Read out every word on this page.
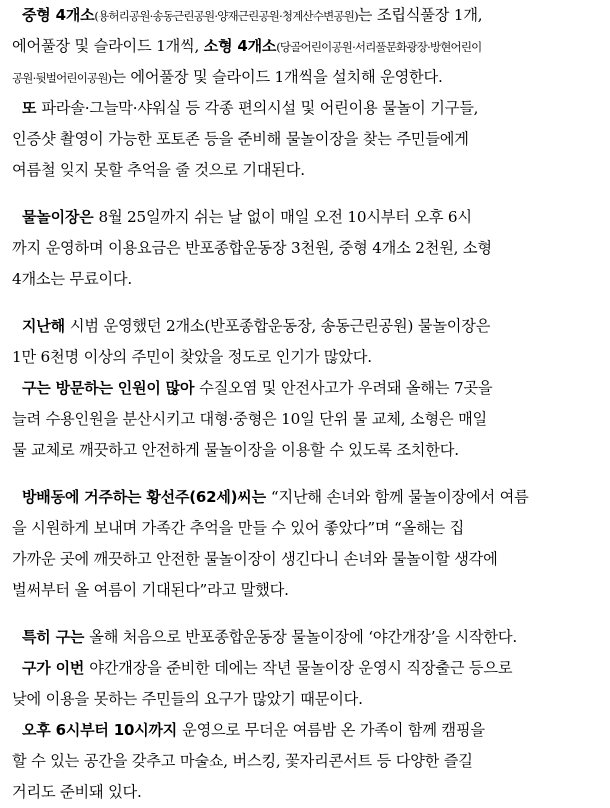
중형 4개소(용허리공원·송동근린공원·양재근린공원·청계산수변공원)는 조립식풀장 1개,
에어풀장 및 슬라이드 1개씩, 소형 4개소(당골어린이공원·서리풀문화광장·방현어린이
공원·뒷벌어린이공원)는 에어풀장 및 슬라이드 1개씩을 설치해 운영한다.
또 파라솔·그늘막·샤워실 등 각종 편의시설 및 어린이용 물놀이 기구들,
인증샷 촬영이 가능한 포토존 등을 준비해 물놀이장을 찾는 주민들에게
여름철 잊지 못할 추억을 줄 것으로 기대된다.
물놀이장은 8월 25일까지 쉬는 날 없이 매일 오전 10시부터 오후 6시
까지 운영하며 이용요금은 반포종합운동장 3천원, 중형 4개소 2천원, 소형
4개소는 무료이다.
지난해 시범 운영했던 2개소(반포종합운동장, 송동근린공원) 물놀이장은
1만 6천명 이상의 주민이 찾았을 정도로 인기가 많았다.
구는 방문하는 인원이 많아 수질오염 및 안전사고가 우려돼 올해는 7곳을
늘려 수용인원을 분산시키고 대형·중형은 10일 단위 물 교체, 소형은 매일
물 교체로 깨끗하고 안전하게 물놀이장을 이용할 수 있도록 조치한다.
방배동에 거주하는 황선주(62세)씨는 “지난해 손녀와 함께 물놀이장에서 여름
을 시원하게 보내며 가족간 추억을 만들 수 있어 좋았다”며 “올해는 집
가까운 곳에 깨끗하고 안전한 물놀이장이 생긴다니 손녀와 물놀이할 생각에
벌써부터 올 여름이 기대된다”라고 말했다.
특히 구는 올해 처음으로 반포종합운동장 물놀이장에 ‘야간개장’을 시작한다.
구가 이번 야간개장을 준비한 데에는 작년 물놀이장 운영시 직장출근 등으로
낮에 이용을 못하는 주민들의 요구가 많았기 때문이다.
오후 6시부터 10시까지 운영으로 무더운 여름밤 온 가족이 함께 캠핑을
할 수 있는 공간을 갖추고 마술쇼, 버스킹, 꽃자리콘서트 등 다양한 즐길
거리도 준비돼 있다.
